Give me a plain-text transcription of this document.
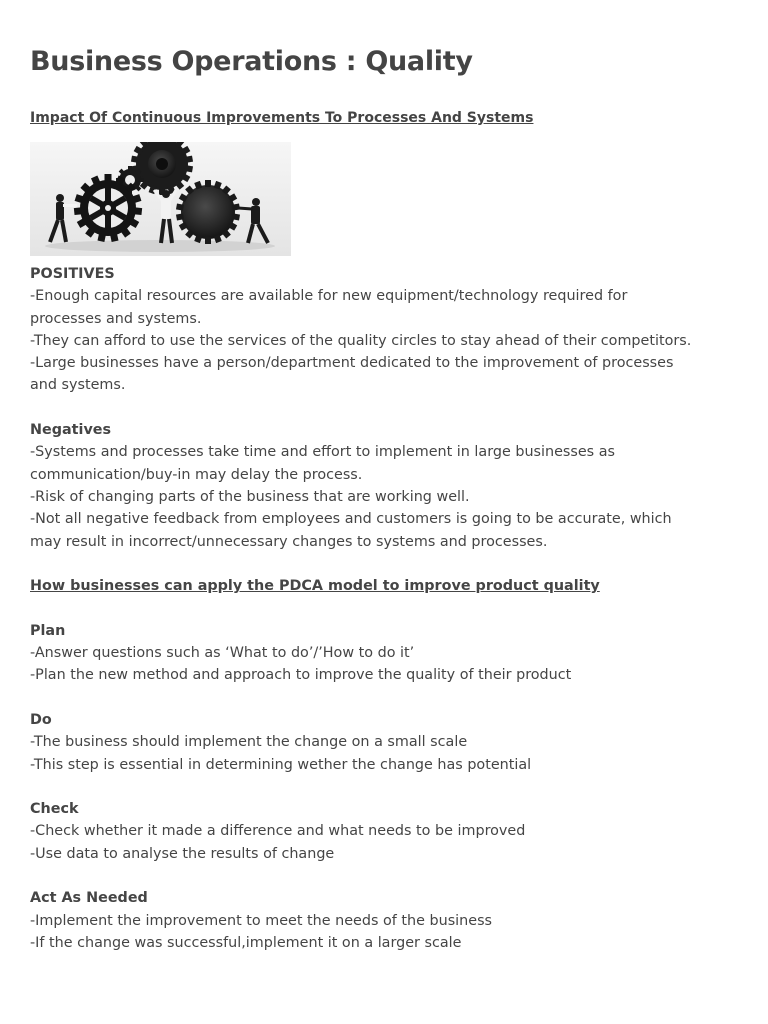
Business Operations : Quality
Impact Of Continuous Improvements To Processes And Systems
POSITIVES
-Enough capital resources are available for new equipment/technology required for
processes and systems.
-They can afford to use the services of the quality circles to stay ahead of their competitors.
-Large businesses have a person/department dedicated to the improvement of processes
and systems.
Negatives
-Systems and processes take time and effort to implement in large businesses as
communication/buy-in may delay the process.
-Risk of changing parts of the business that are working well.
-Not all negative feedback from employees and customers is going to be accurate, which
may result in incorrect/unnecessary changes to systems and processes.
How businesses can apply the PDCA model to improve product quality
Plan
-Answer questions such as ‘What to do’/’How to do it’
-Plan the new method and approach to improve the quality of their product
Do
-The business should implement the change on a small scale
-This step is essential in determining wether the change has potential
Check
-Check whether it made a difference and what needs to be improved
-Use data to analyse the results of change
Act As Needed
-Implement the improvement to meet the needs of the business
-If the change was successful,implement it on a larger scale
